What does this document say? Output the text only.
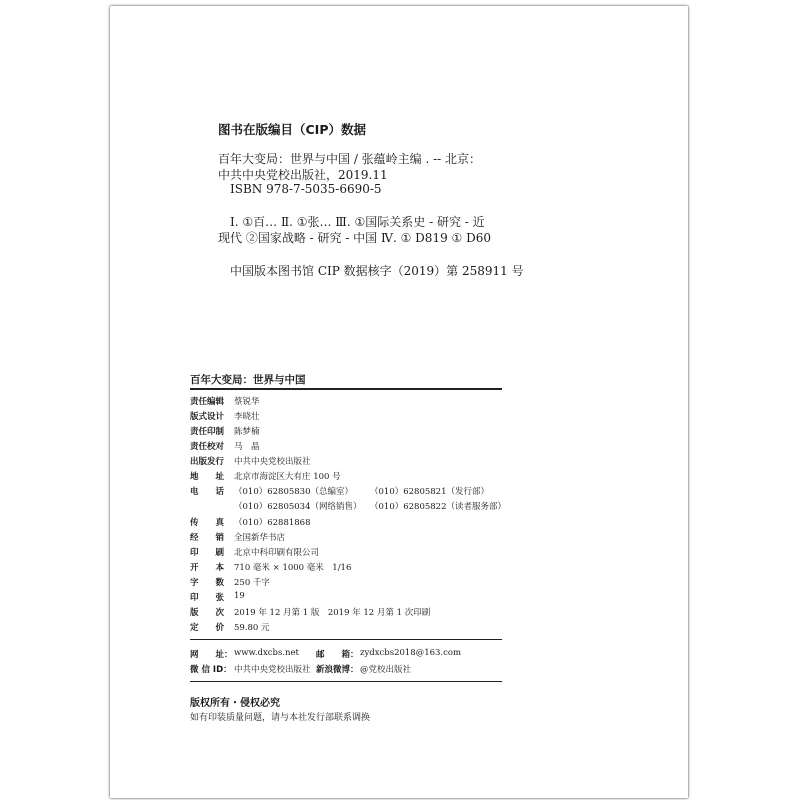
图书在版编目（CIP）数据
百年大变局：世界与中国 / 张蕴岭主编 . -- 北京：
中共中央党校出版社，2019.11
ISBN 978-7-5035-6690-5
Ⅰ. ①百… Ⅱ. ①张… Ⅲ. ①国际关系史 - 研究 - 近
现代 ②国家战略 - 研究 - 中国 Ⅳ. ① D819 ① D60
中国版本图书馆 CIP 数据核字（2019）第 258911 号
百年大变局：世界与中国
责任编辑 蔡锐华
版式设计 李晓壮
责任印制 陈梦楠
责任校对 马　晶
出版发行 中共中央党校出版社
地　　址 北京市海淀区大有庄 100 号
电　　话 （010）62805830（总编室） （010）62805821（发行部）
（010）62805034（网络销售） （010）62805822（读者服务部）
传　　真 （010）62881868
经　　销 全国新华书店
印　　刷 北京中科印刷有限公司
开　　本 710 毫米 × 1000 毫米　1/16
字　　数 250 千字
印　　张 19
版　　次 2019 年 12 月第 1 版　2019 年 12 月第 1 次印刷
定　　价 59.80 元
网　　址： www.dxcbs.net 邮　　箱： zydxcbs2018@163.com
微 信 ID： 中共中央党校出版社 新浪微博： @党校出版社
版权所有・侵权必究
如有印装质量问题，请与本社发行部联系调换
